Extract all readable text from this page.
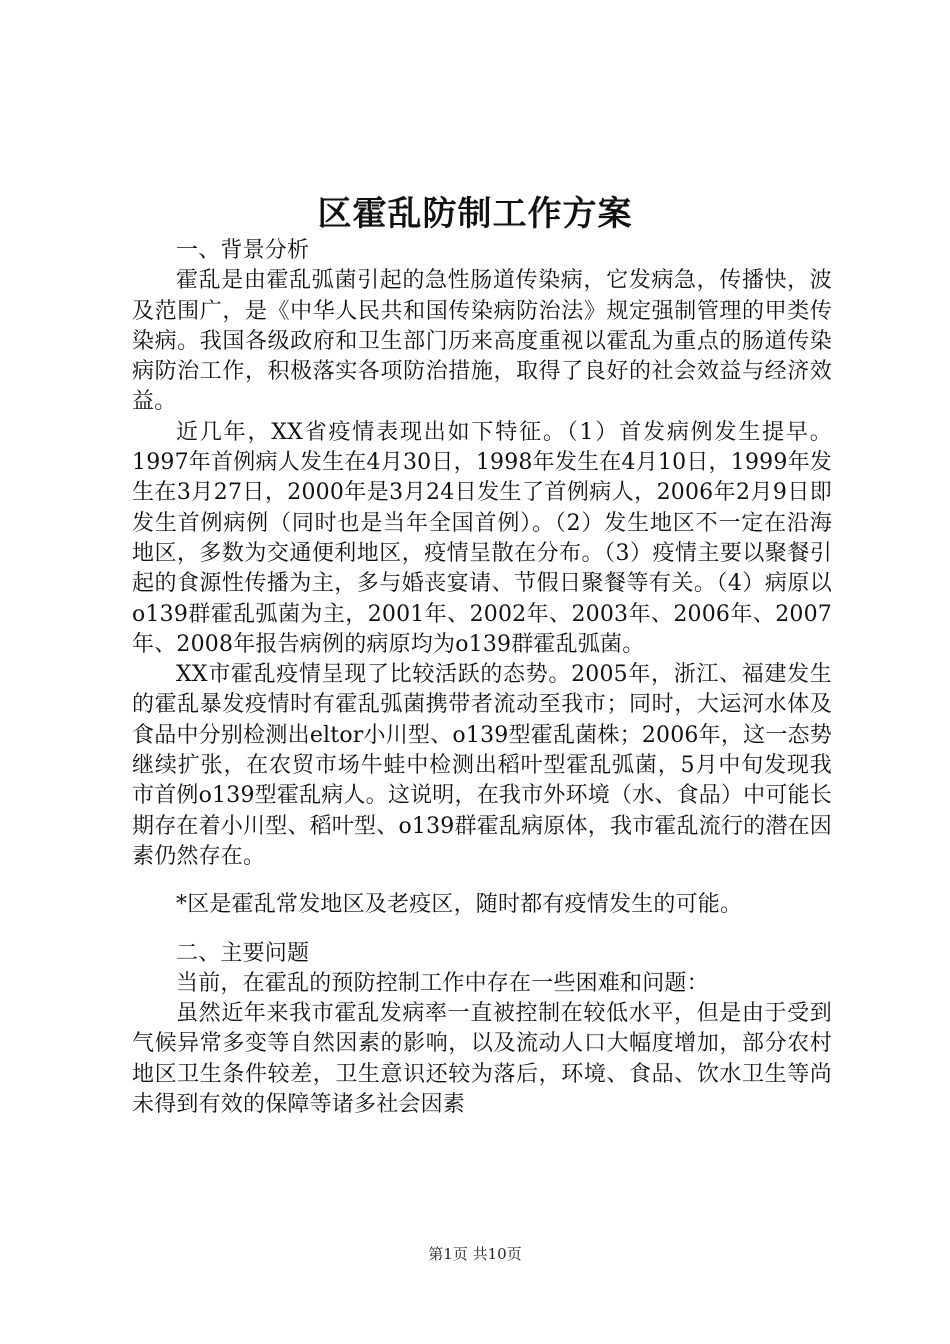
区霍乱防制工作方案

一、背景分析

霍乱是由霍乱弧菌引起的急性肠道传染病，它发病急，传播快，波及范围广，是《中华人民共和国传染病防治法》规定强制管理的甲类传染病。我国各级政府和卫生部门历来高度重视以霍乱为重点的肠道传染病防治工作，积极落实各项防治措施，取得了良好的社会效益与经济效益。

近几年，XX省疫情表现出如下特征。（1）首发病例发生提早。1997年首例病人发生在4月30日，1998年发生在4月10日，1999年发生在3月27日，2000年是3月24日发生了首例病人，2006年2月9日即发生首例病例（同时也是当年全国首例）。（2）发生地区不一定在沿海地区，多数为交通便利地区，疫情呈散在分布。（3）疫情主要以聚餐引起的食源性传播为主，多与婚丧宴请、节假日聚餐等有关。（4）病原以o139群霍乱弧菌为主，2001年、2002年、2003年、2006年、2007年、2008年报告病例的病原均为o139群霍乱弧菌。

XX市霍乱疫情呈现了比较活跃的态势。2005年，浙江、福建发生的霍乱暴发疫情时有霍乱弧菌携带者流动至我市；同时，大运河水体及食品中分别检测出eltor小川型、o139型霍乱菌株；2006年，这一态势继续扩张，在农贸市场牛蛙中检测出稻叶型霍乱弧菌，5月中旬发现我市首例o139型霍乱病人。这说明，在我市外环境（水、食品）中可能长期存在着小川型、稻叶型、o139群霍乱病原体，我市霍乱流行的潜在因素仍然存在。

*区是霍乱常发地区及老疫区，随时都有疫情发生的可能。

二、主要问题

当前，在霍乱的预防控制工作中存在一些困难和问题：

虽然近年来我市霍乱发病率一直被控制在较低水平，但是由于受到气候异常多变等自然因素的影响，以及流动人口大幅度增加，部分农村地区卫生条件较差，卫生意识还较为落后，环境、食品、饮水卫生等尚未得到有效的保障等诸多社会因素

第1页 共10页
